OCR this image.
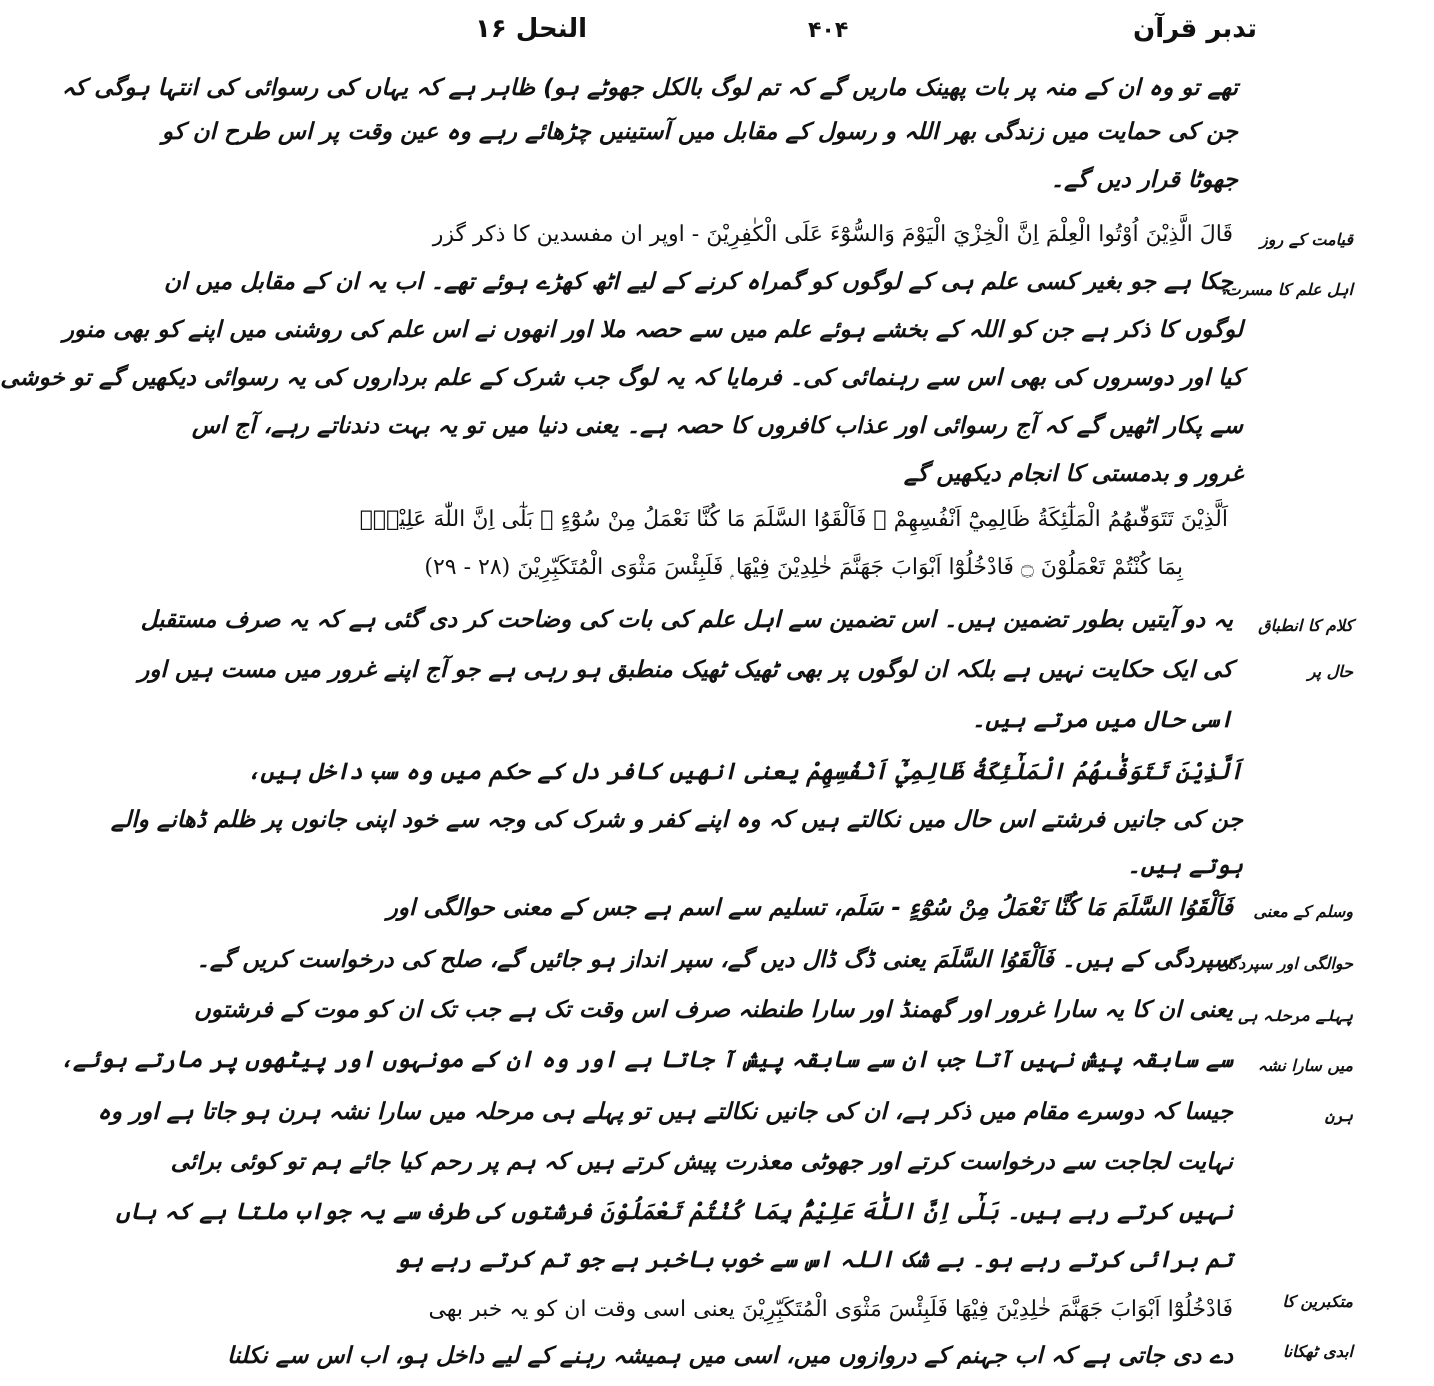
النحل ۱۶	۴۰۴	تدبر قرآن
تھے تو وہ ان کے منہ پر بات پھینک ماریں گے کہ تم لوگ بالکل جھوٹے ہو) ظاہر ہے کہ یہاں کی رسوائی کی انتہا ہوگی کہ
جن کی حمایت میں زندگی بھر اللہ و رسول کے مقابل میں آستینیں چڑھائے رہے وہ عین وقت پر اس طرح ان کو
جھوٹا قرار دیں گے۔
قَالَ الَّذِيْنَ اُوْتُوا الْعِلْمَ اِنَّ الْخِزْيَ الْيَوْمَ وَالسُّوْٓءَ عَلَى الْكٰفِرِيْنَ - اوپر ان مفسدین کا ذکر گزر
چکا ہے جو بغیر کسی علم ہی کے لوگوں کو گمراہ کرنے کے لیے اٹھ کھڑے ہوئے تھے۔ اب یہ ان کے مقابل میں ان
لوگوں کا ذکر ہے جن کو اللہ کے بخشے ہوئے علم میں سے حصہ ملا اور انھوں نے اس علم کی روشنی میں اپنے کو بھی منور
کیا اور دوسروں کی بھی اس سے رہنمائی کی۔ فرمایا کہ یہ لوگ جب شرک کے علم برداروں کی یہ رسوائی دیکھیں گے تو خوشی
سے پکار اٹھیں گے کہ آج رسوائی اور عذاب کافروں کا حصہ ہے۔ یعنی دنیا میں تو یہ بہت دندناتے رہے، آج اس
غرور و بدمستی کا انجام دیکھیں گے
اَلَّذِيْنَ تَتَوَفّٰىهُمُ الْمَلٰٓئِكَةُ ظَالِمِيْٓ اَنْفُسِهِمْ ۠ فَاَلْقَوُا السَّلَمَ مَا كُنَّا نَعْمَلُ مِنْ سُوْٓءٍ ۭ بَلٰٓى اِنَّ اللّٰهَ عَلِيْمٌۢ
بِمَا كُنْتُمْ تَعْمَلُوْنَ ۝ فَادْخُلُوْٓا اَبْوَابَ جَهَنَّمَ خٰلِدِيْنَ فِيْهَا ۭ فَلَبِئْسَ مَثْوَى الْمُتَكَبِّرِيْنَ (۲۸ - ۲۹)
یہ دو آیتیں بطور تضمین ہیں۔ اس تضمین سے اہل علم کی بات کی وضاحت کر دی گئی ہے کہ یہ صرف مستقبل
کی ایک حکایت نہیں ہے بلکہ ان لوگوں پر بھی ٹھیک ٹھیک منطبق ہو رہی ہے جو آج اپنے غرور میں مست ہیں اور
اسی حال میں مرتے ہیں۔
اَلَّذِيْنَ تَتَوَفّٰىهُمُ الْمَلٰٓئِكَةُ ظَالِمِيْٓ اَنْفُسِهِمْ یعنی انھیں کافر دل کے حکم میں وہ سب داخل ہیں،
جن کی جانیں فرشتے اس حال میں نکالتے ہیں کہ وہ اپنے کفر و شرک کی وجہ سے خود اپنی جانوں پر ظلم ڈھانے والے
ہوتے ہیں۔
فَاَلْقَوُا السَّلَمَ مَا كُنَّا نَعْمَلُ مِنْ سُوْٓءٍ - سَلَم، تسلیم سے اسم ہے جس کے معنی حوالگی اور
سپردگی کے ہیں۔ فَاَلْقَوُا السَّلَمَ یعنی ڈگ ڈال دیں گے، سپر انداز ہو جائیں گے، صلح کی درخواست کریں گے۔
یعنی ان کا یہ سارا غرور اور گھمنڈ اور سارا طنطنہ صرف اس وقت تک ہے جب تک ان کو موت کے فرشتوں
سے سابقہ پیش نہیں آتا جب ان سے سابقہ پیش آ جاتا ہے اور وہ ان کے مونہوں اور پیٹھوں پر مارتے ہوئے،
جیسا کہ دوسرے مقام میں ذکر ہے، ان کی جانیں نکالتے ہیں تو پہلے ہی مرحلہ میں سارا نشہ ہرن ہو جاتا ہے اور وہ
نہایت لجاجت سے درخواست کرتے اور جھوٹی معذرت پیش کرتے ہیں کہ ہم پر رحم کیا جائے ہم تو کوئی برائی
نہیں کرتے رہے ہیں۔ بَلٰٓى اِنَّ اللّٰهَ عَلِيْمٌۢ بِمَا كُنْتُمْ تَعْمَلُوْنَ فرشتوں کی طرف سے یہ جواب ملتا ہے کہ ہاں
تم برائی کرتے رہے ہو۔ بے شک اللہ اس سے خوب باخبر ہے جو تم کرتے رہے ہو
فَادْخُلُوْٓا اَبْوَابَ جَهَنَّمَ خٰلِدِيْنَ فِيْهَا فَلَبِئْسَ مَثْوَى الْمُتَكَبِّرِيْنَ یعنی اسی وقت ان کو یہ خبر بھی
دے دی جاتی ہے کہ اب جہنم کے دروازوں میں، اسی میں ہمیشہ رہنے کے لیے داخل ہو، اب اس سے نکلنا
قیامت کے روز
اہل علم کا مسرت
کلام کا انطباق
حال پر
وسلم کے معنی
حوالگی اور سپردگی
پہلے مرحلہ ہی
میں سارا نشہ
ہرن
متکبرین کا
ابدی ٹھکانا
